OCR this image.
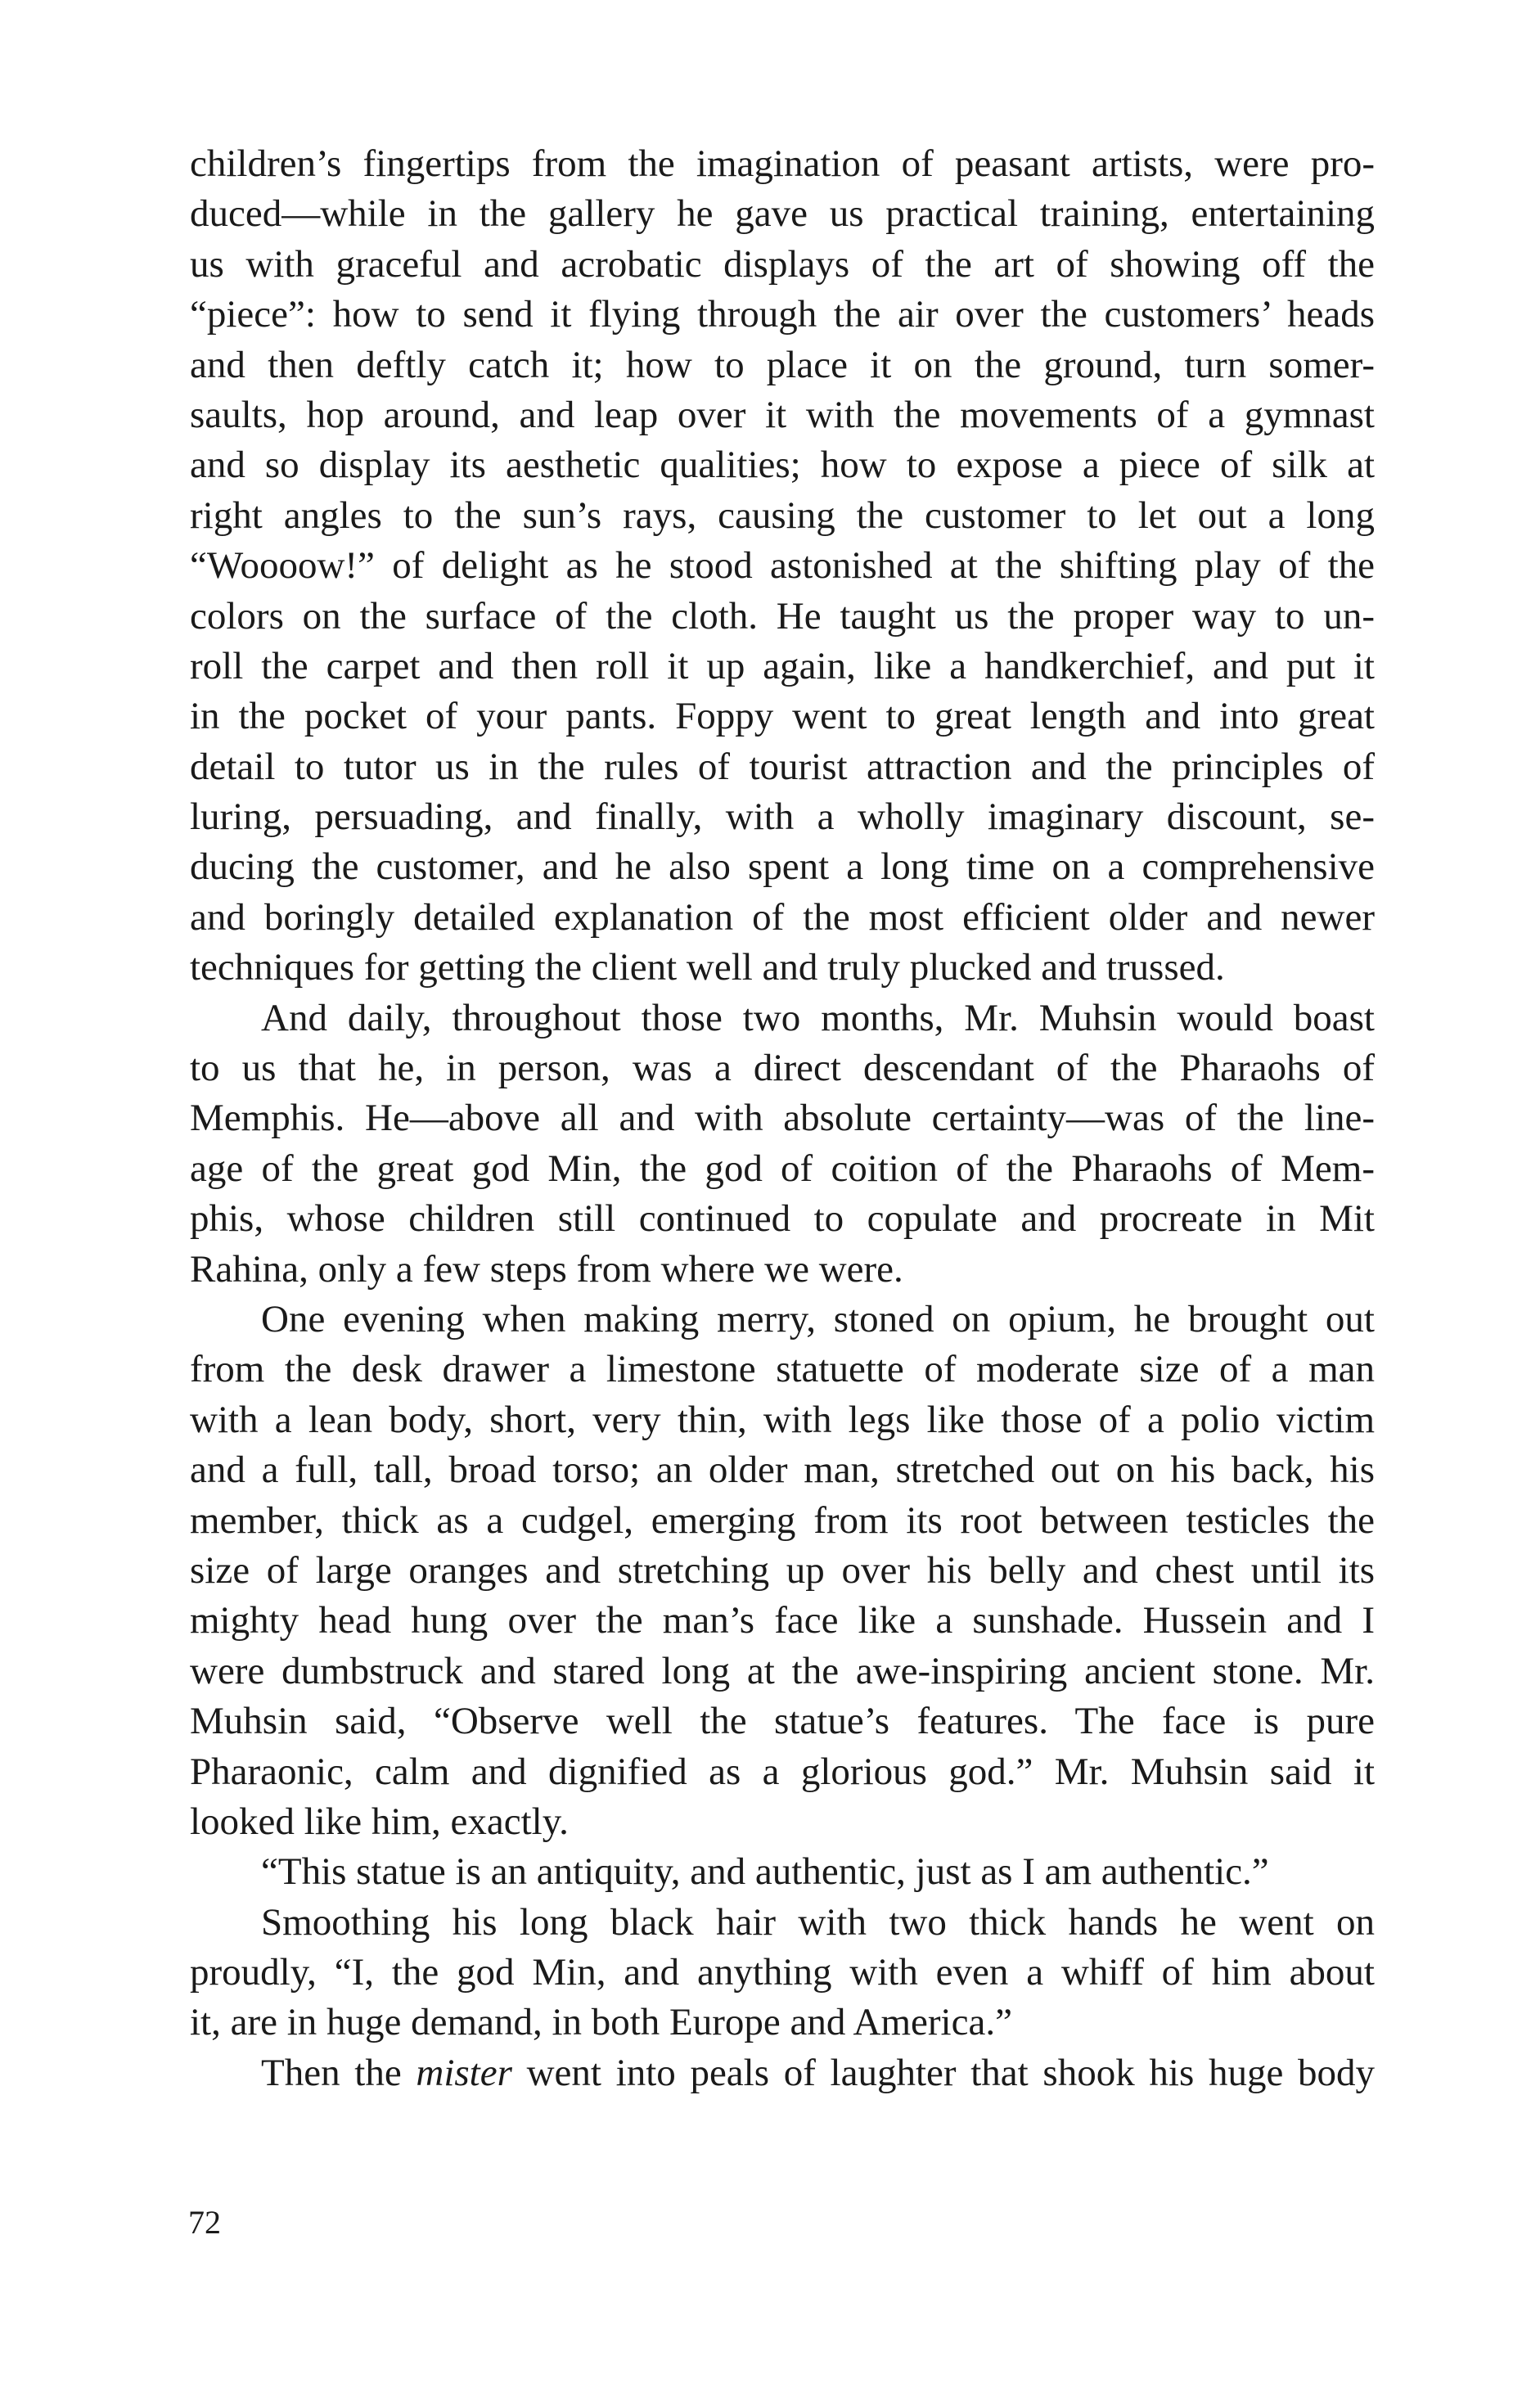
children’s fingertips from the imagination of peasant artists, were pro-
duced—while in the gallery he gave us practical training, entertaining
us with graceful and acrobatic displays of the art of showing off the
“piece”: how to send it flying through the air over the customers’ heads
and then deftly catch it; how to place it on the ground, turn somer-
saults, hop around, and leap over it with the movements of a gymnast
and so display its aesthetic qualities; how to expose a piece of silk at
right angles to the sun’s rays, causing the customer to let out a long
“Woooow!” of delight as he stood astonished at the shifting play of the
colors on the surface of the cloth. He taught us the proper way to un-
roll the carpet and then roll it up again, like a handkerchief, and put it
in the pocket of your pants. Foppy went to great length and into great
detail to tutor us in the rules of tourist attraction and the principles of
luring, persuading, and finally, with a wholly imaginary discount, se-
ducing the customer, and he also spent a long time on a comprehensive
and boringly detailed explanation of the most efficient older and newer
techniques for getting the client well and truly plucked and trussed.
And daily, throughout those two months, Mr. Muhsin would boast
to us that he, in person, was a direct descendant of the Pharaohs of
Memphis. He—above all and with absolute certainty—was of the line-
age of the great god Min, the god of coition of the Pharaohs of Mem-
phis, whose children still continued to copulate and procreate in Mit
Rahina, only a few steps from where we were.
One evening when making merry, stoned on opium, he brought out
from the desk drawer a limestone statuette of moderate size of a man
with a lean body, short, very thin, with legs like those of a polio victim
and a full, tall, broad torso; an older man, stretched out on his back, his
member, thick as a cudgel, emerging from its root between testicles the
size of large oranges and stretching up over his belly and chest until its
mighty head hung over the man’s face like a sunshade. Hussein and I
were dumbstruck and stared long at the awe-inspiring ancient stone. Mr.
Muhsin said, “Observe well the statue’s features. The face is pure
Pharaonic, calm and dignified as a glorious god.” Mr. Muhsin said it
looked like him, exactly.
“This statue is an antiquity, and authentic, just as I am authentic.”
Smoothing his long black hair with two thick hands he went on
proudly, “I, the god Min, and anything with even a whiff of him about
it, are in huge demand, in both Europe and America.”
Then the mister went into peals of laughter that shook his huge body
72
